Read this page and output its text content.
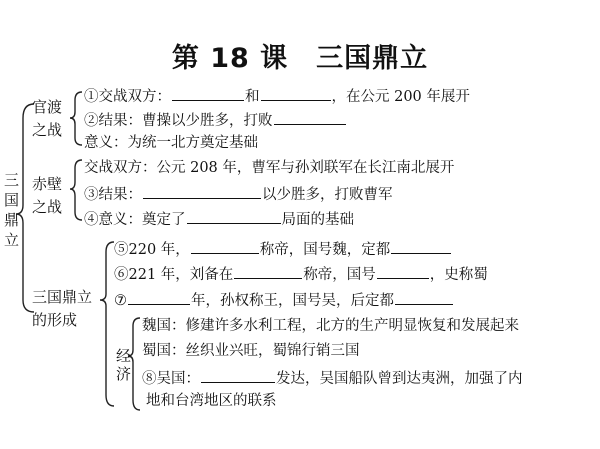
第 18 课　三国鼎立
三
国
鼎
立
官渡
之战
①交战双方：	和	，在公元 200 年展开
②结果：曹操以少胜多，打败
意义：为统一北方奠定基础
赤壁
之战
交战双方：公元 208 年，曹军与孙刘联军在长江南北展开
③结果：	以少胜多，打败曹军
④意义：奠定了	局面的基础
三国鼎立
的形成
⑤220 年，	称帝，国号魏，定都
⑥221 年，刘备在	称帝，国号	，史称蜀
⑦	年，孙权称王，国号吴，后定都
经
济
魏国：修建许多水利工程，北方的生产明显恢复和发展起来
蜀国：丝织业兴旺，蜀锦行销三国
⑧吴国：	发达，吴国船队曾到达夷洲，加强了内
地和台湾地区的联系
